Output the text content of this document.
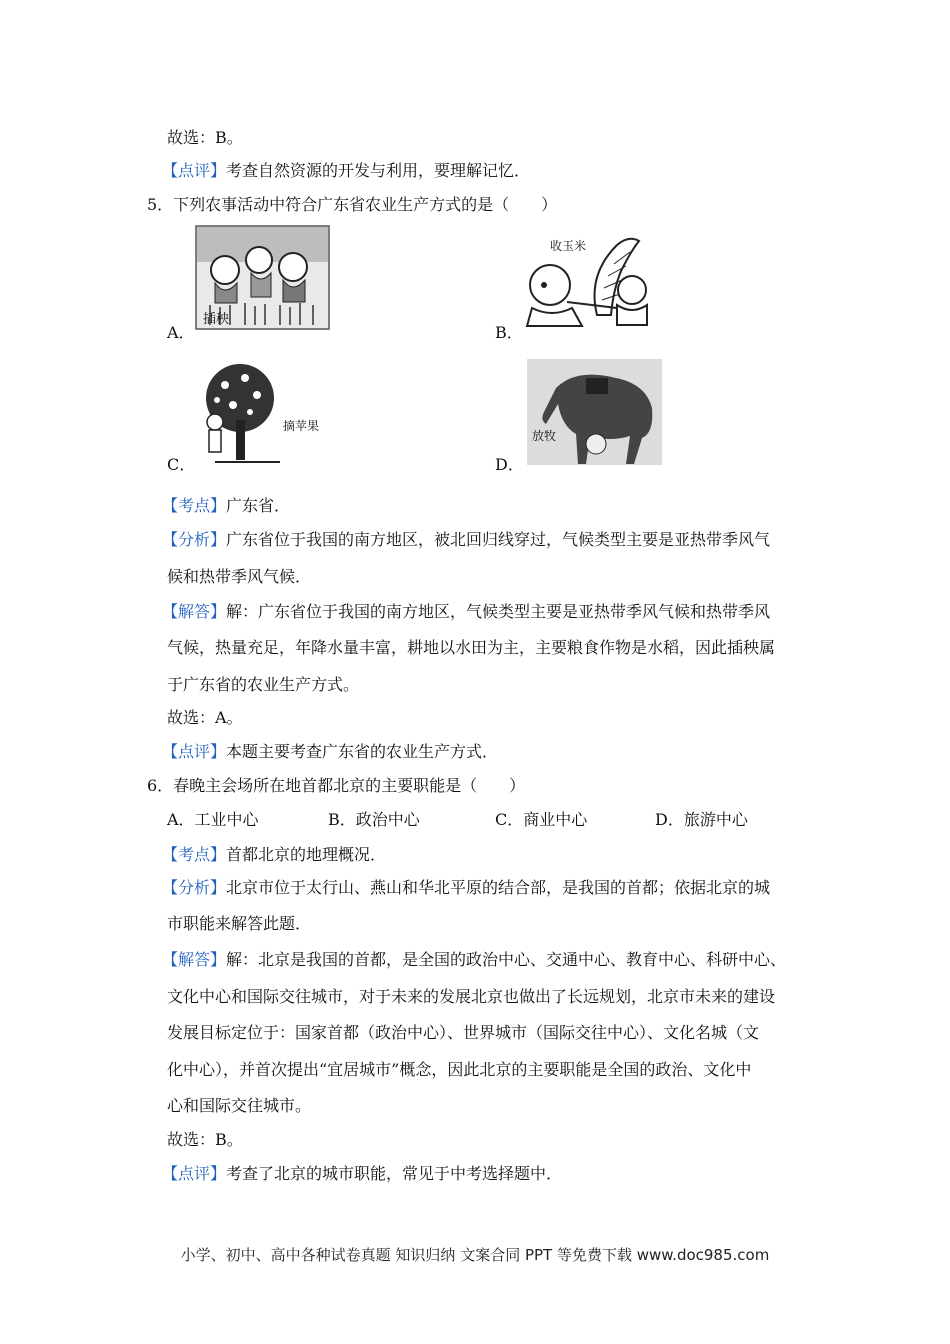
故选：B。
【点评】考查自然资源的开发与利用，要理解记忆．
5．下列农事活动中符合广东省农业生产方式的是（　　）
插秧
A．
收玉米
B．
摘苹果
C．
放牧
D．
【考点】广东省．
【分析】广东省位于我国的南方地区，被北回归线穿过，气候类型主要是亚热带季风气
候和热带季风气候．
【解答】解：广东省位于我国的南方地区，气候类型主要是亚热带季风气候和热带季风
气候，热量充足，年降水量丰富，耕地以水田为主，主要粮食作物是水稻，因此插秧属
于广东省的农业生产方式。
故选：A。
【点评】本题主要考查广东省的农业生产方式．
6．春晚主会场所在地首都北京的主要职能是（　　）
A．工业中心	B．政治中心	C．商业中心	D．旅游中心
【考点】首都北京的地理概况．
【分析】北京市位于太行山、燕山和华北平原的结合部，是我国的首都；依据北京的城
市职能来解答此题．
【解答】解：北京是我国的首都，是全国的政治中心、交通中心、教育中心、科研中心、
文化中心和国际交往城市，对于未来的发展北京也做出了长远规划，北京市未来的建设
发展目标定位于：国家首都（政治中心）、世界城市（国际交往中心）、文化名城（文
化中心），并首次提出“宜居城市”概念，因此北京的主要职能是全国的政治、文化中
心和国际交往城市。
故选：B。
【点评】考查了北京的城市职能，常见于中考选择题中．
小学、初中、高中各种试卷真题 知识归纳 文案合同 PPT 等免费下载 www.doc985.com
